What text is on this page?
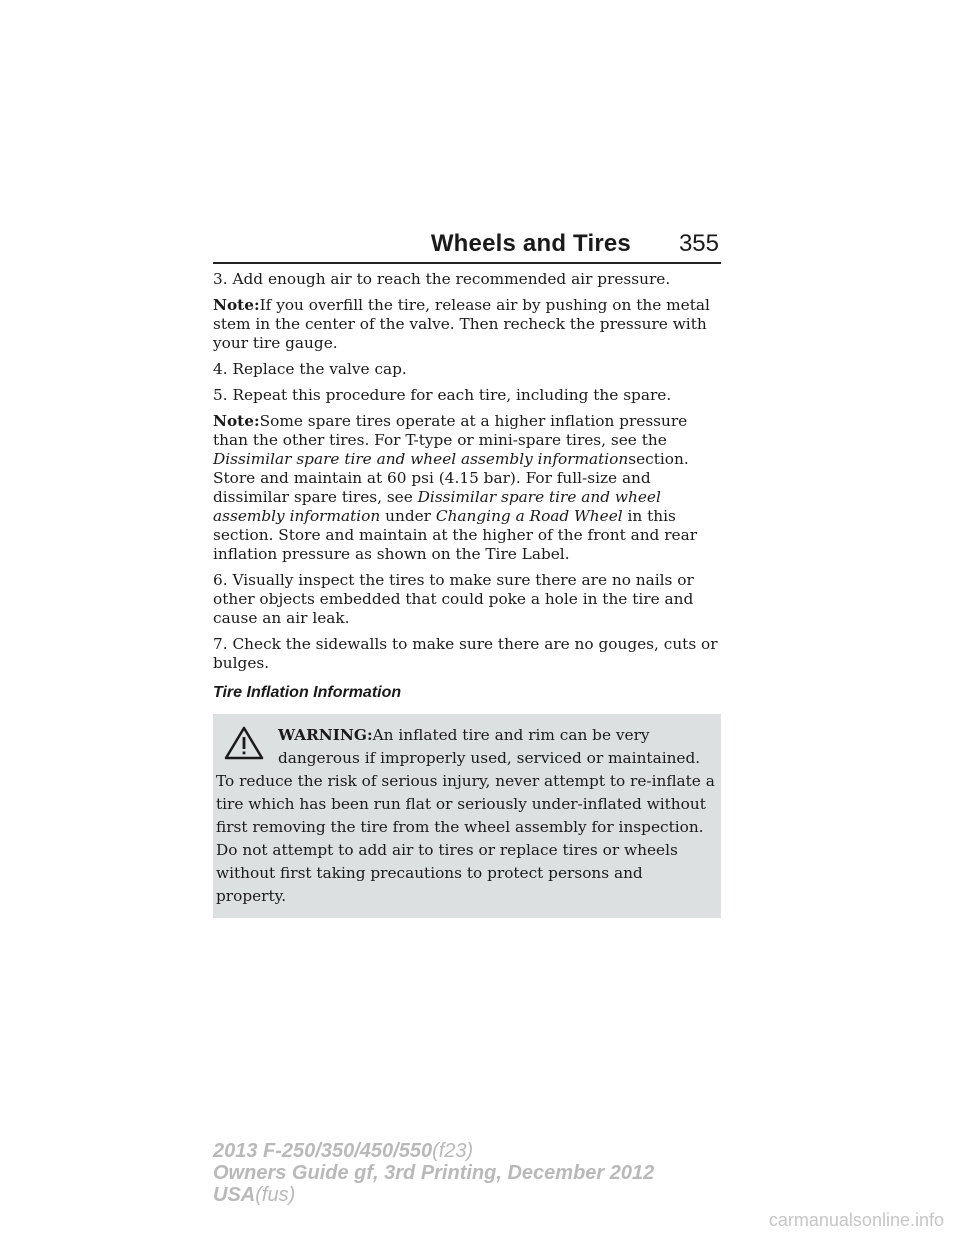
Wheels and Tires 355

3. Add enough air to reach the recommended air pressure.

Note:If you overfill the tire, release air by pushing on the metal stem in the center of the valve. Then recheck the pressure with your tire gauge.

4. Replace the valve cap.

5. Repeat this procedure for each tire, including the spare.

Note:Some spare tires operate at a higher inflation pressure than the other tires. For T-type or mini-spare tires, see the Dissimilar spare tire and wheel assembly informationsection. Store and maintain at 60 psi (4.15 bar). For full-size and dissimilar spare tires, see Dissimilar spare tire and wheel assembly information under Changing a Road Wheel in this section. Store and maintain at the higher of the front and rear inflation pressure as shown on the Tire Label.

6. Visually inspect the tires to make sure there are no nails or other objects embedded that could poke a hole in the tire and cause an air leak.

7. Check the sidewalls to make sure there are no gouges, cuts or bulges.

Tire Inflation Information
WARNING:An inflated tire and rim can be very dangerous if improperly used, serviced or maintained. To reduce the risk of serious injury, never attempt to re-inflate a tire which has been run flat or seriously under-inflated without first removing the tire from the wheel assembly for inspection. Do not attempt to add air to tires or replace tires or wheels without first taking precautions to protect persons and property.
2013 F-250/350/450/550(f23)
Owners Guide gf, 3rd Printing, December 2012
USA(fus)
carmanualsonline.info
